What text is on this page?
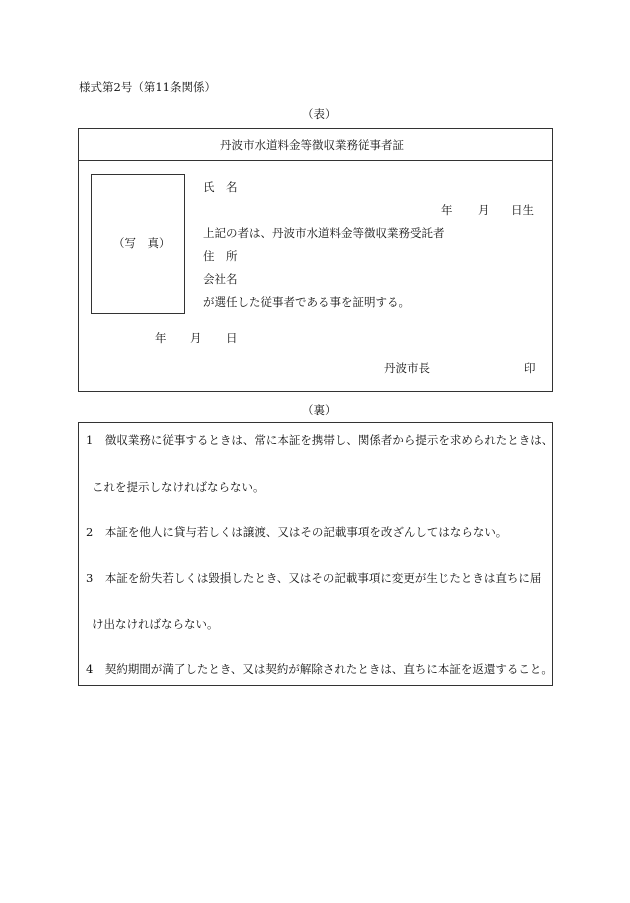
様式第2号（第11条関係）
（表）
丹波市水道料金等徴収業務従事者証
（写　真）
氏　名
年 月 日生
上記の者は、丹波市水道料金等徴収業務受託者
住　所
会社名
が選任した従事者である事を証明する。
年 月 日
丹波市長	印
（裏）
1　徴収業務に従事するときは、常に本証を携帯し、関係者から提示を求められたときは、
これを提示しなければならない。
2　本証を他人に貸与若しくは譲渡、又はその記載事項を改ざんしてはならない。
3　本証を紛失若しくは毀損したとき、又はその記載事項に変更が生じたときは直ちに届
け出なければならない。
4　契約期間が満了したとき、又は契約が解除されたときは、直ちに本証を返還すること。
